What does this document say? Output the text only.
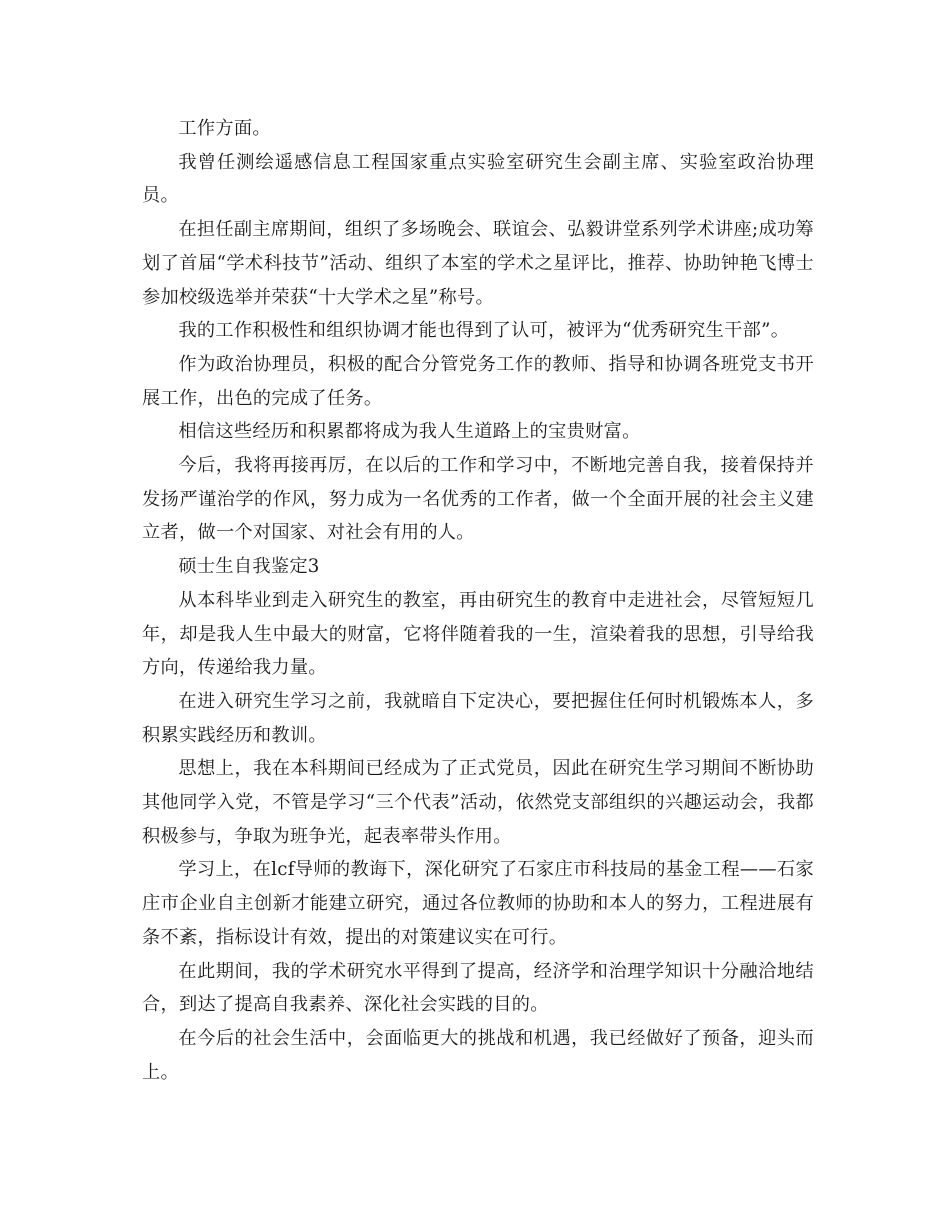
工作方面。

我曾任测绘遥感信息工程国家重点实验室研究生会副主席、实验室政治协理员。

在担任副主席期间，组织了多场晚会、联谊会、弘毅讲堂系列学术讲座;成功筹划了首届“学术科技节”活动、组织了本室的学术之星评比，推荐、协助钟艳飞博士参加校级选举并荣获“十大学术之星”称号。

我的工作积极性和组织协调才能也得到了认可，被评为“优秀研究生干部”。

作为政治协理员，积极的配合分管党务工作的教师、指导和协调各班党支书开展工作，出色的完成了任务。

相信这些经历和积累都将成为我人生道路上的宝贵财富。

今后，我将再接再厉，在以后的工作和学习中，不断地完善自我，接着保持并发扬严谨治学的作风，努力成为一名优秀的工作者，做一个全面开展的社会主义建立者，做一个对国家、对社会有用的人。

硕士生自我鉴定3

从本科毕业到走入研究生的教室，再由研究生的教育中走进社会，尽管短短几年，却是我人生中最大的财富，它将伴随着我的一生，渲染着我的思想，引导给我方向，传递给我力量。

在进入研究生学习之前，我就暗自下定决心，要把握住任何时机锻炼本人，多积累实践经历和教训。

思想上，我在本科期间已经成为了正式党员，因此在研究生学习期间不断协助其他同学入党，不管是学习“三个代表”活动，依然党支部组织的兴趣运动会，我都积极参与，争取为班争光，起表率带头作用。

学习上，在lcf导师的教诲下，深化研究了石家庄市科技局的基金工程——石家庄市企业自主创新才能建立研究，通过各位教师的协助和本人的努力，工程进展有条不紊，指标设计有效，提出的对策建议实在可行。

在此期间，我的学术研究水平得到了提高，经济学和治理学知识十分融洽地结合，到达了提高自我素养、深化社会实践的目的。

在今后的社会生活中，会面临更大的挑战和机遇，我已经做好了预备，迎头而上。
